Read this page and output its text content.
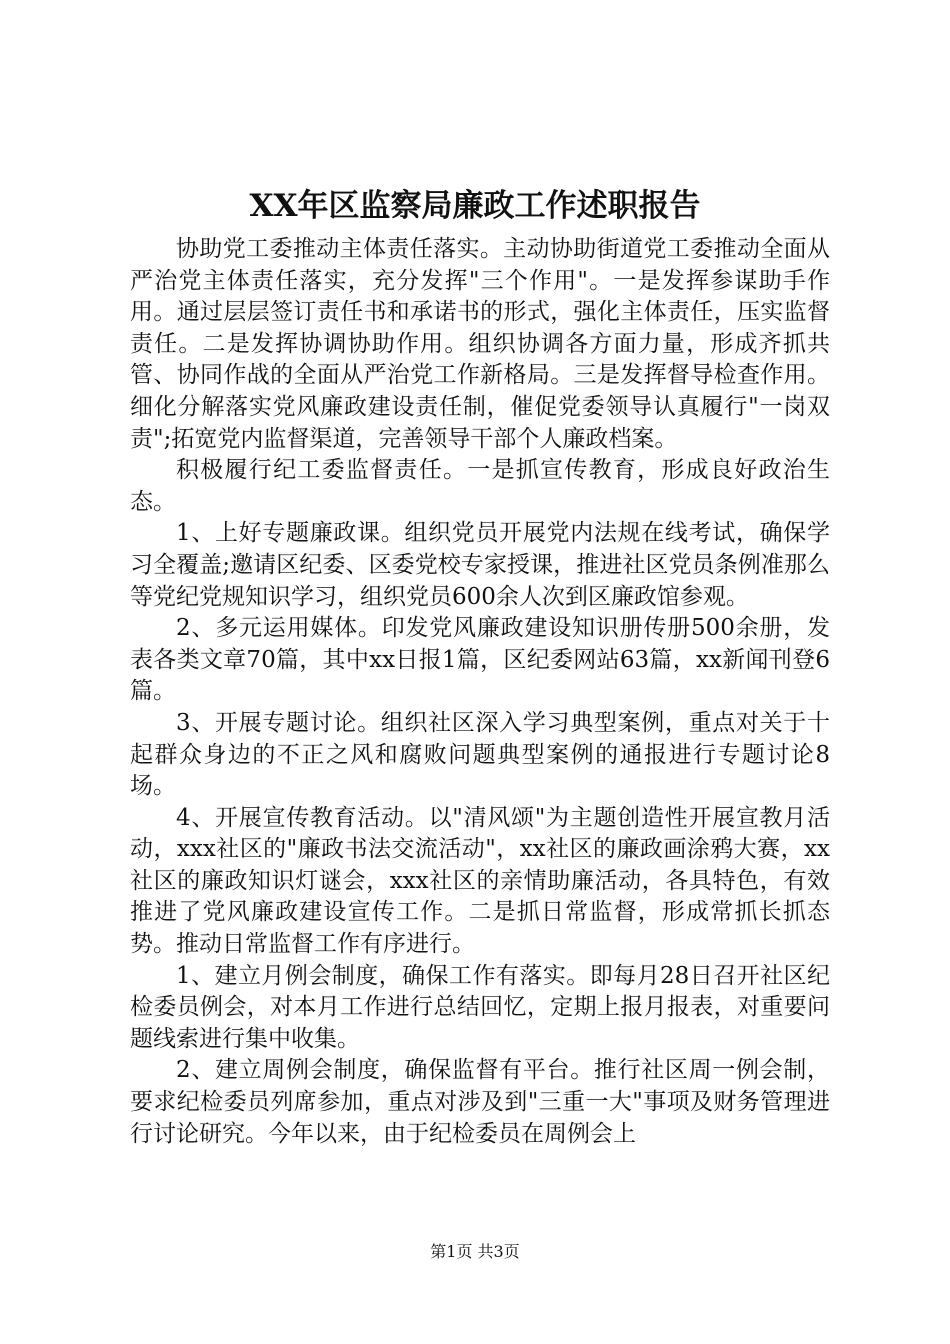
XX年区监察局廉政工作述职报告

协助党工委推动主体责任落实。主动协助街道党工委推动全面从严治党主体责任落实，充分发挥"三个作用"。一是发挥参谋助手作用。通过层层签订责任书和承诺书的形式，强化主体责任，压实监督责任。二是发挥协调协助作用。组织协调各方面力量，形成齐抓共管、协同作战的全面从严治党工作新格局。三是发挥督导检查作用。细化分解落实党风廉政建设责任制，催促党委领导认真履行"一岗双责";拓宽党内监督渠道，完善领导干部个人廉政档案。

积极履行纪工委监督责任。一是抓宣传教育，形成良好政治生态。

1、上好专题廉政课。组织党员开展党内法规在线考试，确保学习全覆盖;邀请区纪委、区委党校专家授课，推进社区党员条例准那么等党纪党规知识学习，组织党员600余人次到区廉政馆参观。

2、多元运用媒体。印发党风廉政建设知识册传册500余册，发表各类文章70篇，其中xx日报1篇，区纪委网站63篇，xx新闻刊登6篇。

3、开展专题讨论。组织社区深入学习典型案例，重点对关于十起群众身边的不正之风和腐败问题典型案例的通报进行专题讨论8场。

4、开展宣传教育活动。以"清风颂"为主题创造性开展宣教月活动，xxx社区的"廉政书法交流活动"，xx社区的廉政画涂鸦大赛，xx社区的廉政知识灯谜会，xxx社区的亲情助廉活动，各具特色，有效推进了党风廉政建设宣传工作。二是抓日常监督，形成常抓长抓态势。推动日常监督工作有序进行。

1、建立月例会制度，确保工作有落实。即每月28日召开社区纪检委员例会，对本月工作进行总结回忆，定期上报月报表，对重要问题线索进行集中收集。

2、建立周例会制度，确保监督有平台。推行社区周一例会制，要求纪检委员列席参加，重点对涉及到"三重一大"事项及财务管理进行讨论研究。今年以来，由于纪检委员在周例会上

第1页 共3页
